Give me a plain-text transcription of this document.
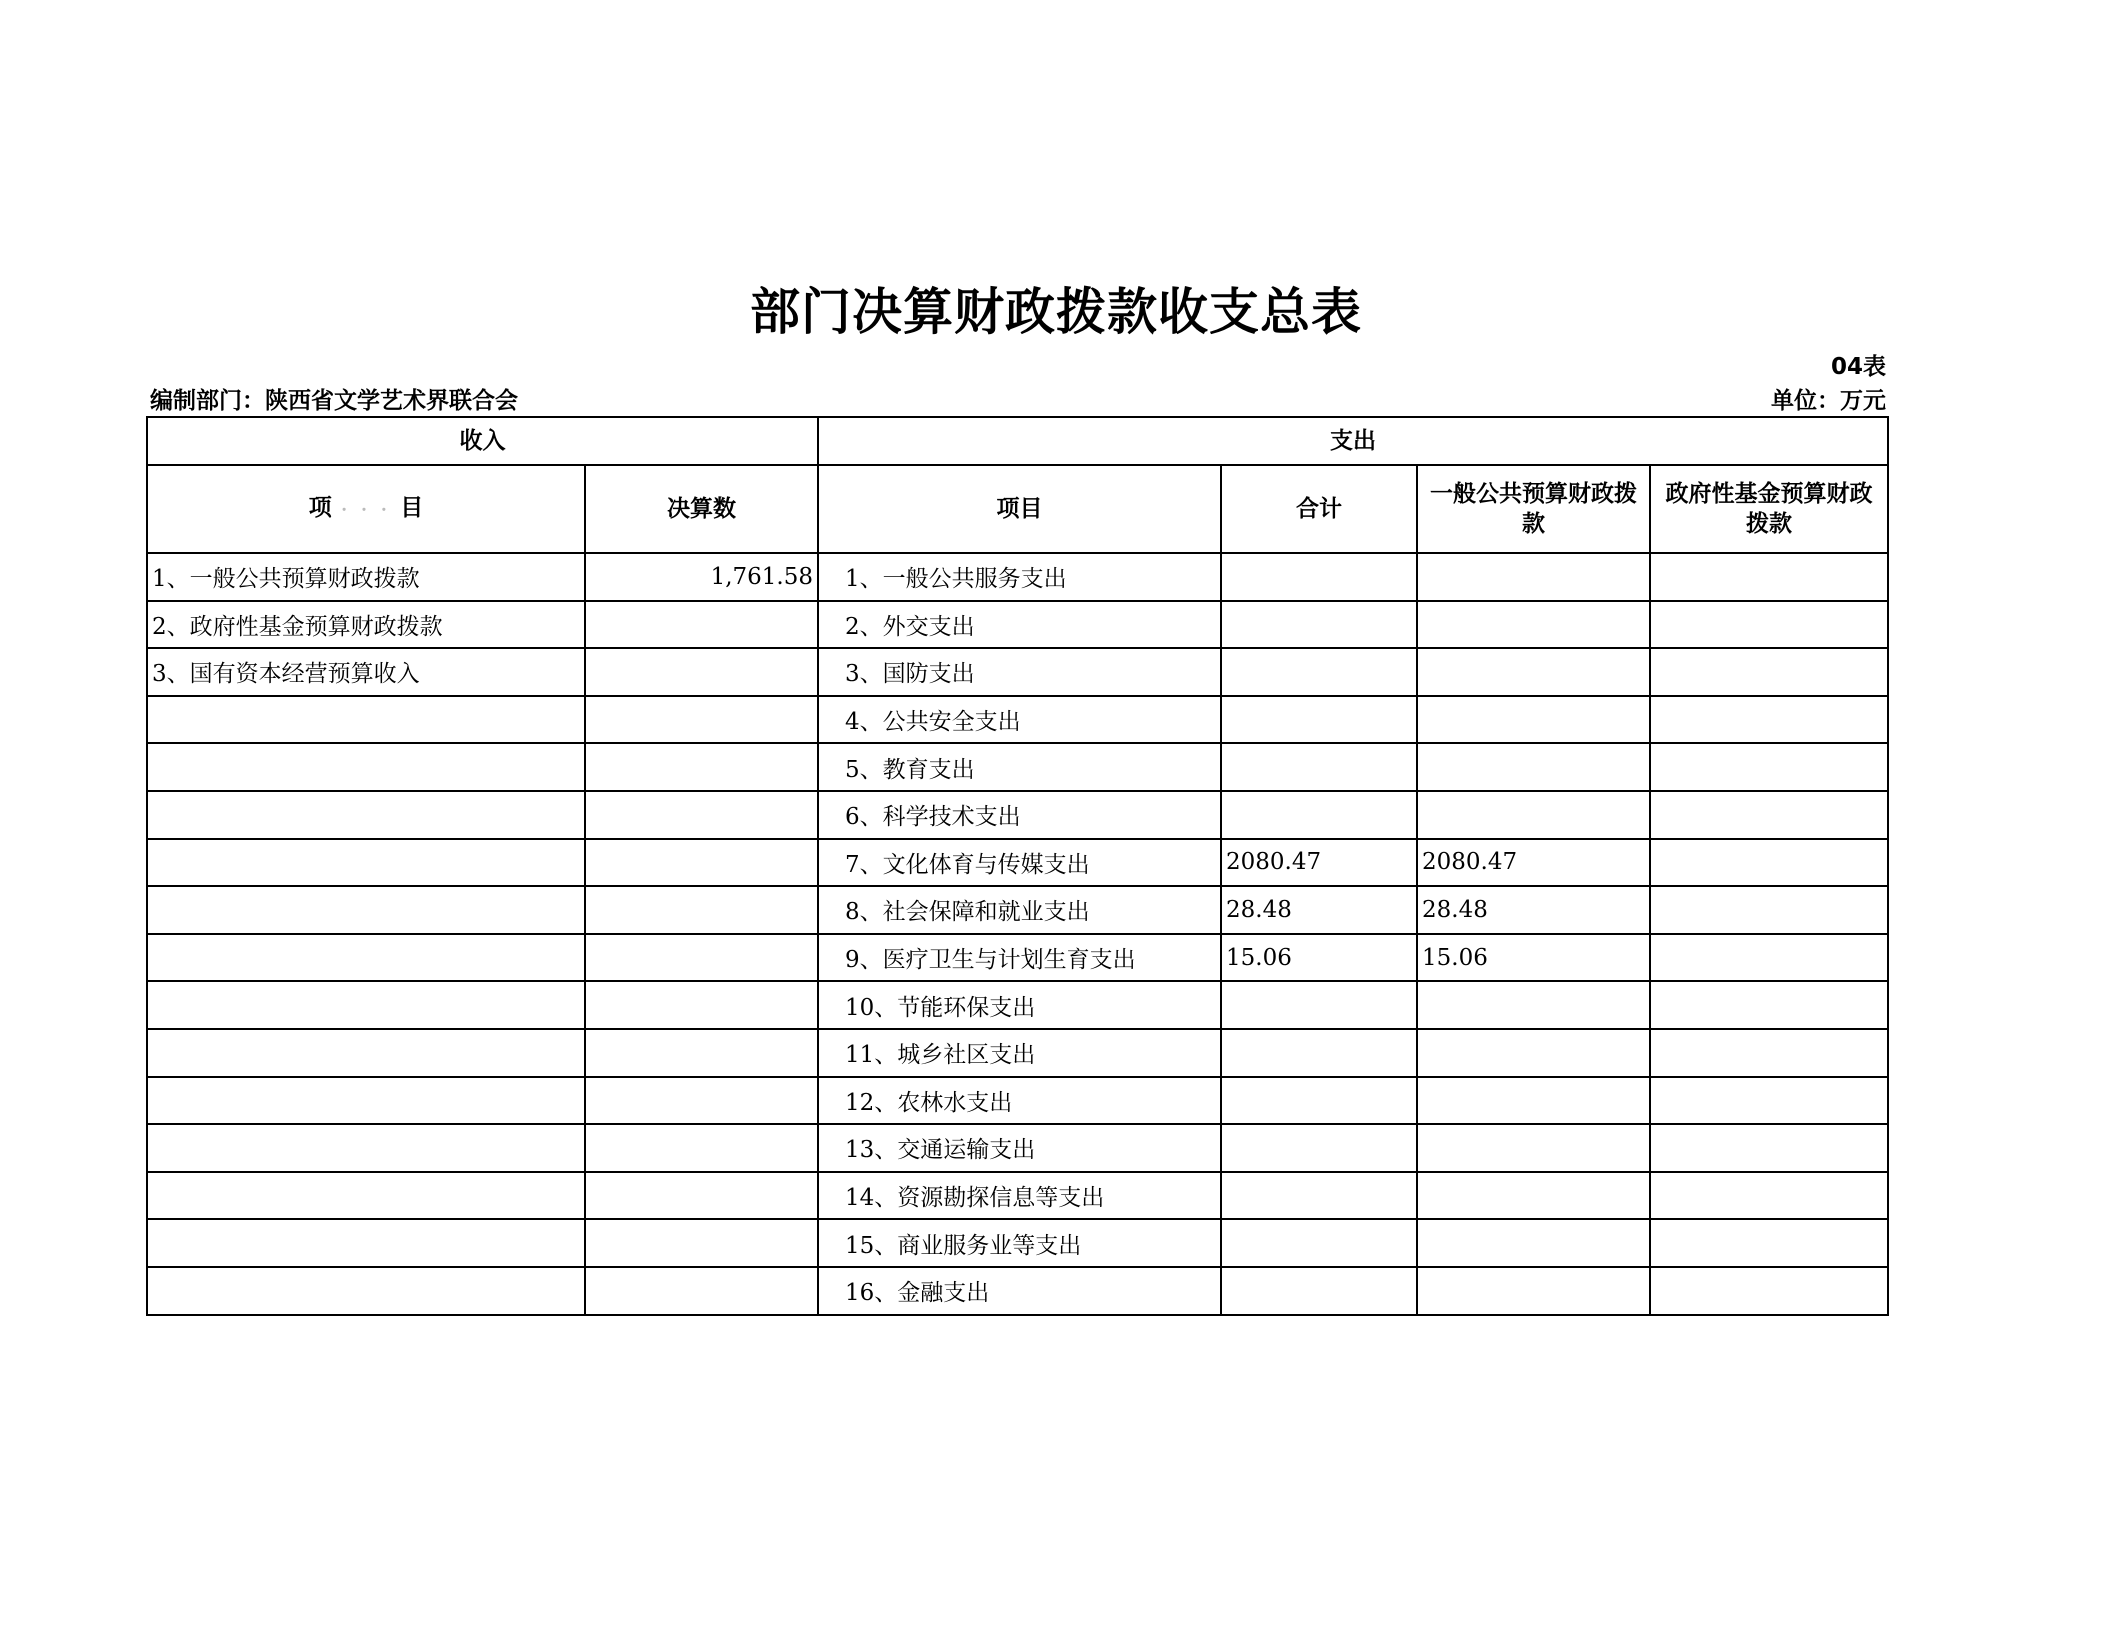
部门决算财政拨款收支总表
04表
编制部门：陕西省文学艺术界联合会	单位：万元
收入		支出			
项 ･ ･ ･ 目	决算数	项目	合计	一般公共预算财政拨款	政府性基金预算财政拨款
1、一般公共预算财政拨款	1,761.58	1、一般公共服务支出			
2、政府性基金预算财政拨款		2、外交支出			
3、国有资本经营预算收入		3、国防支出			
		4、公共安全支出			
		5、教育支出			
		6、科学技术支出			
		7、文化体育与传媒支出	2080.47	2080.47	
		8、社会保障和就业支出	28.48	28.48	
		9、医疗卫生与计划生育支出	15.06	15.06	
		10、节能环保支出			
		11、城乡社区支出			
		12、农林水支出			
		13、交通运输支出			
		14、资源勘探信息等支出			
		15、商业服务业等支出			
		16、金融支出			
